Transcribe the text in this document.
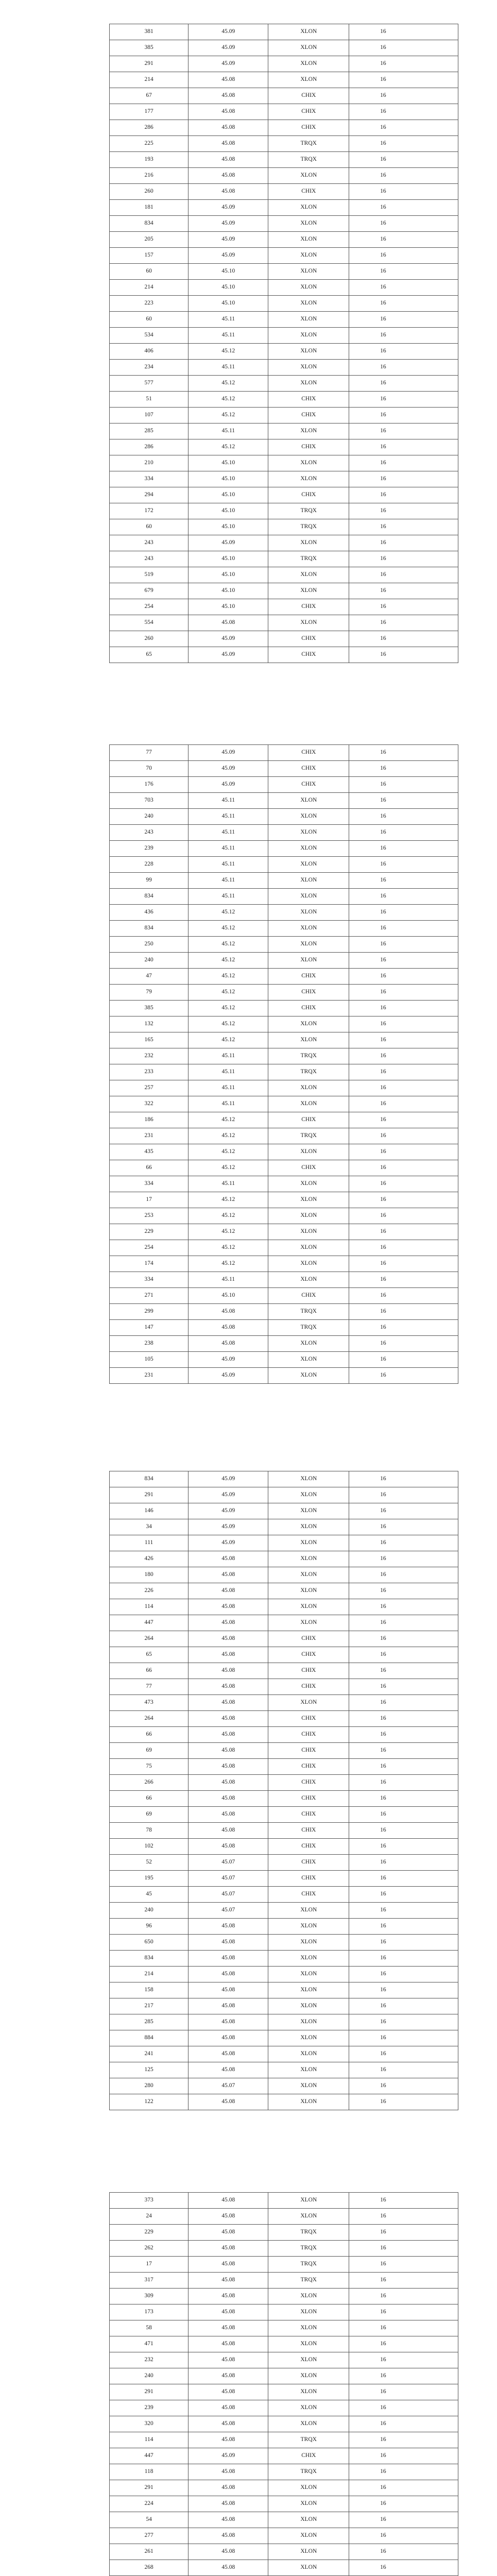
381	45.09	XLON	16
385	45.09	XLON	16
291	45.09	XLON	16
214	45.08	XLON	16
67	45.08	CHIX	16
177	45.08	CHIX	16
286	45.08	CHIX	16
225	45.08	TRQX	16
193	45.08	TRQX	16
216	45.08	XLON	16
260	45.08	CHIX	16
181	45.09	XLON	16
834	45.09	XLON	16
205	45.09	XLON	16
157	45.09	XLON	16
60	45.10	XLON	16
214	45.10	XLON	16
223	45.10	XLON	16
60	45.11	XLON	16
534	45.11	XLON	16
406	45.12	XLON	16
234	45.11	XLON	16
577	45.12	XLON	16
51	45.12	CHIX	16
107	45.12	CHIX	16
285	45.11	XLON	16
286	45.12	CHIX	16
210	45.10	XLON	16
334	45.10	XLON	16
294	45.10	CHIX	16
172	45.10	TRQX	16
60	45.10	TRQX	16
243	45.09	XLON	16
243	45.10	TRQX	16
519	45.10	XLON	16
679	45.10	XLON	16
254	45.10	CHIX	16
554	45.08	XLON	16
260	45.09	CHIX	16
65	45.09	CHIX	16
77	45.09	CHIX	16
70	45.09	CHIX	16
176	45.09	CHIX	16
703	45.11	XLON	16
240	45.11	XLON	16
243	45.11	XLON	16
239	45.11	XLON	16
228	45.11	XLON	16
99	45.11	XLON	16
834	45.11	XLON	16
436	45.12	XLON	16
834	45.12	XLON	16
250	45.12	XLON	16
240	45.12	XLON	16
47	45.12	CHIX	16
79	45.12	CHIX	16
385	45.12	CHIX	16
132	45.12	XLON	16
165	45.12	XLON	16
232	45.11	TRQX	16
233	45.11	TRQX	16
257	45.11	XLON	16
322	45.11	XLON	16
186	45.12	CHIX	16
231	45.12	TRQX	16
435	45.12	XLON	16
66	45.12	CHIX	16
334	45.11	XLON	16
17	45.12	XLON	16
253	45.12	XLON	16
229	45.12	XLON	16
254	45.12	XLON	16
174	45.12	XLON	16
334	45.11	XLON	16
271	45.10	CHIX	16
299	45.08	TRQX	16
147	45.08	TRQX	16
238	45.08	XLON	16
105	45.09	XLON	16
231	45.09	XLON	16
834	45.09	XLON	16
291	45.09	XLON	16
146	45.09	XLON	16
34	45.09	XLON	16
111	45.09	XLON	16
426	45.08	XLON	16
180	45.08	XLON	16
226	45.08	XLON	16
114	45.08	XLON	16
447	45.08	XLON	16
264	45.08	CHIX	16
65	45.08	CHIX	16
66	45.08	CHIX	16
77	45.08	CHIX	16
473	45.08	XLON	16
264	45.08	CHIX	16
66	45.08	CHIX	16
69	45.08	CHIX	16
75	45.08	CHIX	16
266	45.08	CHIX	16
66	45.08	CHIX	16
69	45.08	CHIX	16
78	45.08	CHIX	16
102	45.08	CHIX	16
52	45.07	CHIX	16
195	45.07	CHIX	16
45	45.07	CHIX	16
240	45.07	XLON	16
96	45.08	XLON	16
650	45.08	XLON	16
834	45.08	XLON	16
214	45.08	XLON	16
158	45.08	XLON	16
217	45.08	XLON	16
285	45.08	XLON	16
884	45.08	XLON	16
241	45.08	XLON	16
125	45.08	XLON	16
280	45.07	XLON	16
122	45.08	XLON	16
373	45.08	XLON	16
24	45.08	XLON	16
229	45.08	TRQX	16
262	45.08	TRQX	16
17	45.08	TRQX	16
317	45.08	TRQX	16
309	45.08	XLON	16
173	45.08	XLON	16
58	45.08	XLON	16
471	45.08	XLON	16
232	45.08	XLON	16
240	45.08	XLON	16
291	45.08	XLON	16
239	45.08	XLON	16
320	45.08	XLON	16
114	45.08	TRQX	16
447	45.09	CHIX	16
118	45.08	TRQX	16
291	45.08	XLON	16
224	45.08	XLON	16
54	45.08	XLON	16
277	45.08	XLON	16
261	45.08	XLON	16
268	45.08	XLON	16
